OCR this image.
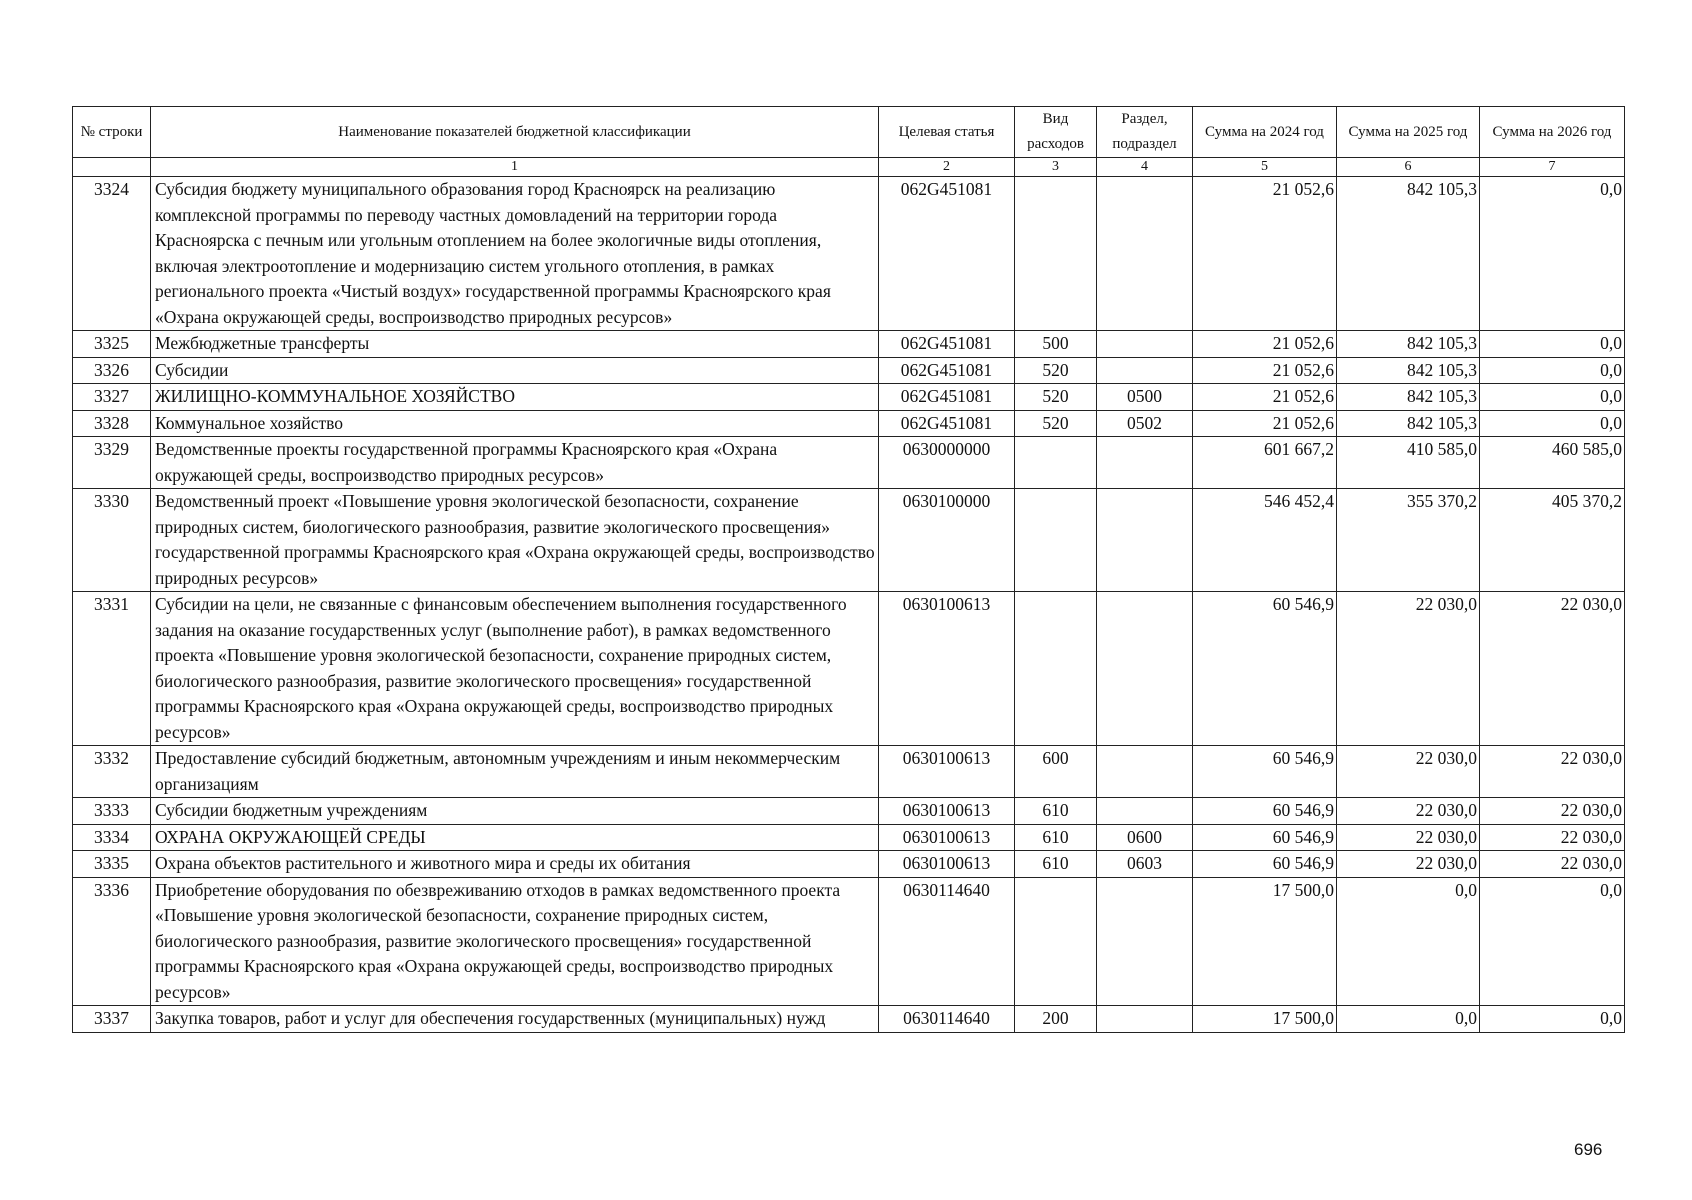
№ строки	Наименование показателей бюджетной классификации	Целевая статья	Вид расходов	Раздел, подраздел	Сумма на 2024 год	Сумма на 2025 год	Сумма на 2026 год
	1	2	3	4	5	6	7
3324	Субсидия бюджету муниципального образования город Красноярск на реализацию комплексной программы по переводу частных домовладений на территории города Красноярска с печным или угольным отоплением на более экологичные виды отопления, включая электроотопление и модернизацию систем угольного отопления, в рамках регионального проекта «Чистый воздух» государственной программы Красноярского края «Охрана окружающей среды, воспроизводство природных ресурсов»	062G451081			21 052,6	842 105,3	0,0
3325	Межбюджетные трансферты	062G451081	500		21 052,6	842 105,3	0,0
3326	Субсидии	062G451081	520		21 052,6	842 105,3	0,0
3327	ЖИЛИЩНО-КОММУНАЛЬНОЕ ХОЗЯЙСТВО	062G451081	520	0500	21 052,6	842 105,3	0,0
3328	Коммунальное хозяйство	062G451081	520	0502	21 052,6	842 105,3	0,0
3329	Ведомственные проекты государственной программы Красноярского края «Охрана окружающей среды, воспроизводство природных ресурсов»	0630000000			601 667,2	410 585,0	460 585,0
3330	Ведомственный проект «Повышение уровня экологической безопасности, сохранение природных систем, биологического разнообразия, развитие экологического просвещения» государственной программы Красноярского края «Охрана окружающей среды, воспроизводство природных ресурсов»	0630100000			546 452,4	355 370,2	405 370,2
3331	Субсидии на цели, не связанные с финансовым обеспечением выполнения государственного задания на оказание государственных услуг (выполнение работ), в рамках ведомственного проекта «Повышение уровня экологической безопасности, сохранение природных систем, биологического разнообразия, развитие экологического просвещения» государственной программы Красноярского края «Охрана окружающей среды, воспроизводство природных ресурсов»	0630100613			60 546,9	22 030,0	22 030,0
3332	Предоставление субсидий бюджетным, автономным учреждениям и иным некоммерческим организациям	0630100613	600		60 546,9	22 030,0	22 030,0
3333	Субсидии бюджетным учреждениям	0630100613	610		60 546,9	22 030,0	22 030,0
3334	ОХРАНА ОКРУЖАЮЩЕЙ СРЕДЫ	0630100613	610	0600	60 546,9	22 030,0	22 030,0
3335	Охрана объектов растительного и животного мира и среды их обитания	0630100613	610	0603	60 546,9	22 030,0	22 030,0
3336	Приобретение оборудования по обезвреживанию отходов в рамках ведомственного проекта «Повышение уровня экологической безопасности, сохранение природных систем, биологического разнообразия, развитие экологического просвещения» государственной программы Красноярского края «Охрана окружающей среды, воспроизводство природных ресурсов»	0630114640			17 500,0	0,0	0,0
3337	Закупка товаров, работ и услуг для обеспечения государственных (муниципальных) нужд	0630114640	200		17 500,0	0,0	0,0
696
